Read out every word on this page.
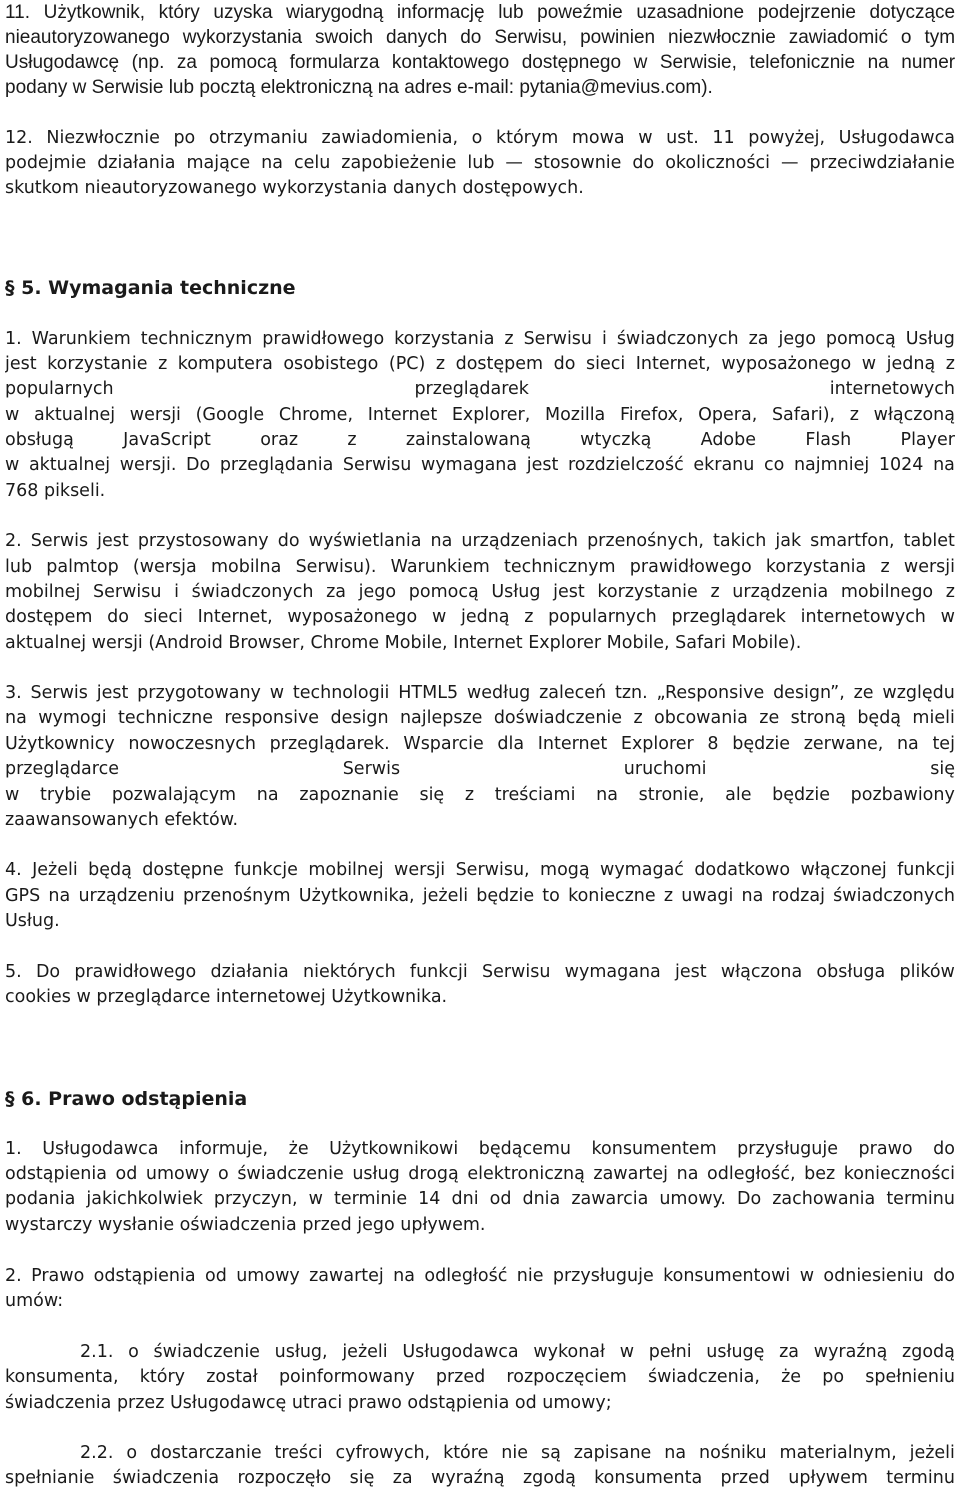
11. Użytkownik, który uzyska wiarygodną informację lub poweźmie uzasadnione podejrzenie dotyczące
nieautoryzowanego wykorzystania swoich danych do Serwisu, powinien niezwłocznie zawiadomić o tym
Usługodawcę (np. za pomocą formularza kontaktowego dostępnego w Serwisie, telefonicznie na numer
podany w Serwisie lub pocztą elektroniczną na adres e-mail: pytania@mevius.com).
12. Niezwłocznie po otrzymaniu zawiadomienia, o którym mowa w ust. 11 powyżej, Usługodawca
podejmie działania mające na celu zapobieżenie lub — stosownie do okoliczności — przeciwdziałanie
skutkom nieautoryzowanego wykorzystania danych dostępowych.
§ 5. Wymagania techniczne
1. Warunkiem technicznym prawidłowego korzystania z Serwisu i świadczonych za jego pomocą Usług
jest korzystanie z komputera osobistego (PC) z dostępem do sieci Internet, wyposażonego w jedną z
popularnych	przeglądarek	internetowych
w aktualnej wersji (Google Chrome, Internet Explorer, Mozilla Firefox, Opera, Safari), z włączoną
obsługą	JavaScript	oraz	z	zainstalowaną	wtyczką	Adobe	Flash	Player
w aktualnej wersji. Do przeglądania Serwisu wymagana jest rozdzielczość ekranu co najmniej 1024 na
768 pikseli.
2. Serwis jest przystosowany do wyświetlania na urządzeniach przenośnych, takich jak smartfon, tablet
lub palmtop (wersja mobilna Serwisu). Warunkiem technicznym prawidłowego korzystania z wersji
mobilnej Serwisu i świadczonych za jego pomocą Usług jest korzystanie z urządzenia mobilnego z
dostępem do sieci Internet, wyposażonego w jedną z popularnych przeglądarek internetowych w
aktualnej wersji (Android Browser, Chrome Mobile, Internet Explorer Mobile, Safari Mobile).
3. Serwis jest przygotowany w technologii HTML5 według zaleceń tzn. „Responsive design”, ze względu
na wymogi techniczne responsive design najlepsze doświadczenie z obcowania ze stroną będą mieli
Użytkownicy nowoczesnych przeglądarek. Wsparcie dla Internet Explorer 8 będzie zerwane, na tej
przeglądarce	Serwis	uruchomi	się
w trybie pozwalającym na zapoznanie się z treściami na stronie, ale będzie pozbawiony
zaawansowanych efektów.
4. Jeżeli będą dostępne funkcje mobilnej wersji Serwisu, mogą wymagać dodatkowo włączonej funkcji
GPS na urządzeniu przenośnym Użytkownika, jeżeli będzie to konieczne z uwagi na rodzaj świadczonych
Usług.
5. Do prawidłowego działania niektórych funkcji Serwisu wymagana jest włączona obsługa plików
cookies w przeglądarce internetowej Użytkownika.
§ 6. Prawo odstąpienia
1. Usługodawca informuje, że Użytkownikowi będącemu konsumentem przysługuje prawo do
odstąpienia od umowy o świadczenie usług drogą elektroniczną zawartej na odległość, bez konieczności
podania jakichkolwiek przyczyn, w terminie 14 dni od dnia zawarcia umowy. Do zachowania terminu
wystarczy wysłanie oświadczenia przed jego upływem.
2. Prawo odstąpienia od umowy zawartej na odległość nie przysługuje konsumentowi w odniesieniu do
umów:
2.1. o świadczenie usług, jeżeli Usługodawca wykonał w pełni usługę za wyraźną zgodą
konsumenta, który został poinformowany przed rozpoczęciem świadczenia, że po spełnieniu
świadczenia przez Usługodawcę utraci prawo odstąpienia od umowy;
2.2. o dostarczanie treści cyfrowych, które nie są zapisane na nośniku materialnym, jeżeli
spełnianie świadczenia rozpoczęło się za wyraźną zgodą konsumenta przed upływem terminu
